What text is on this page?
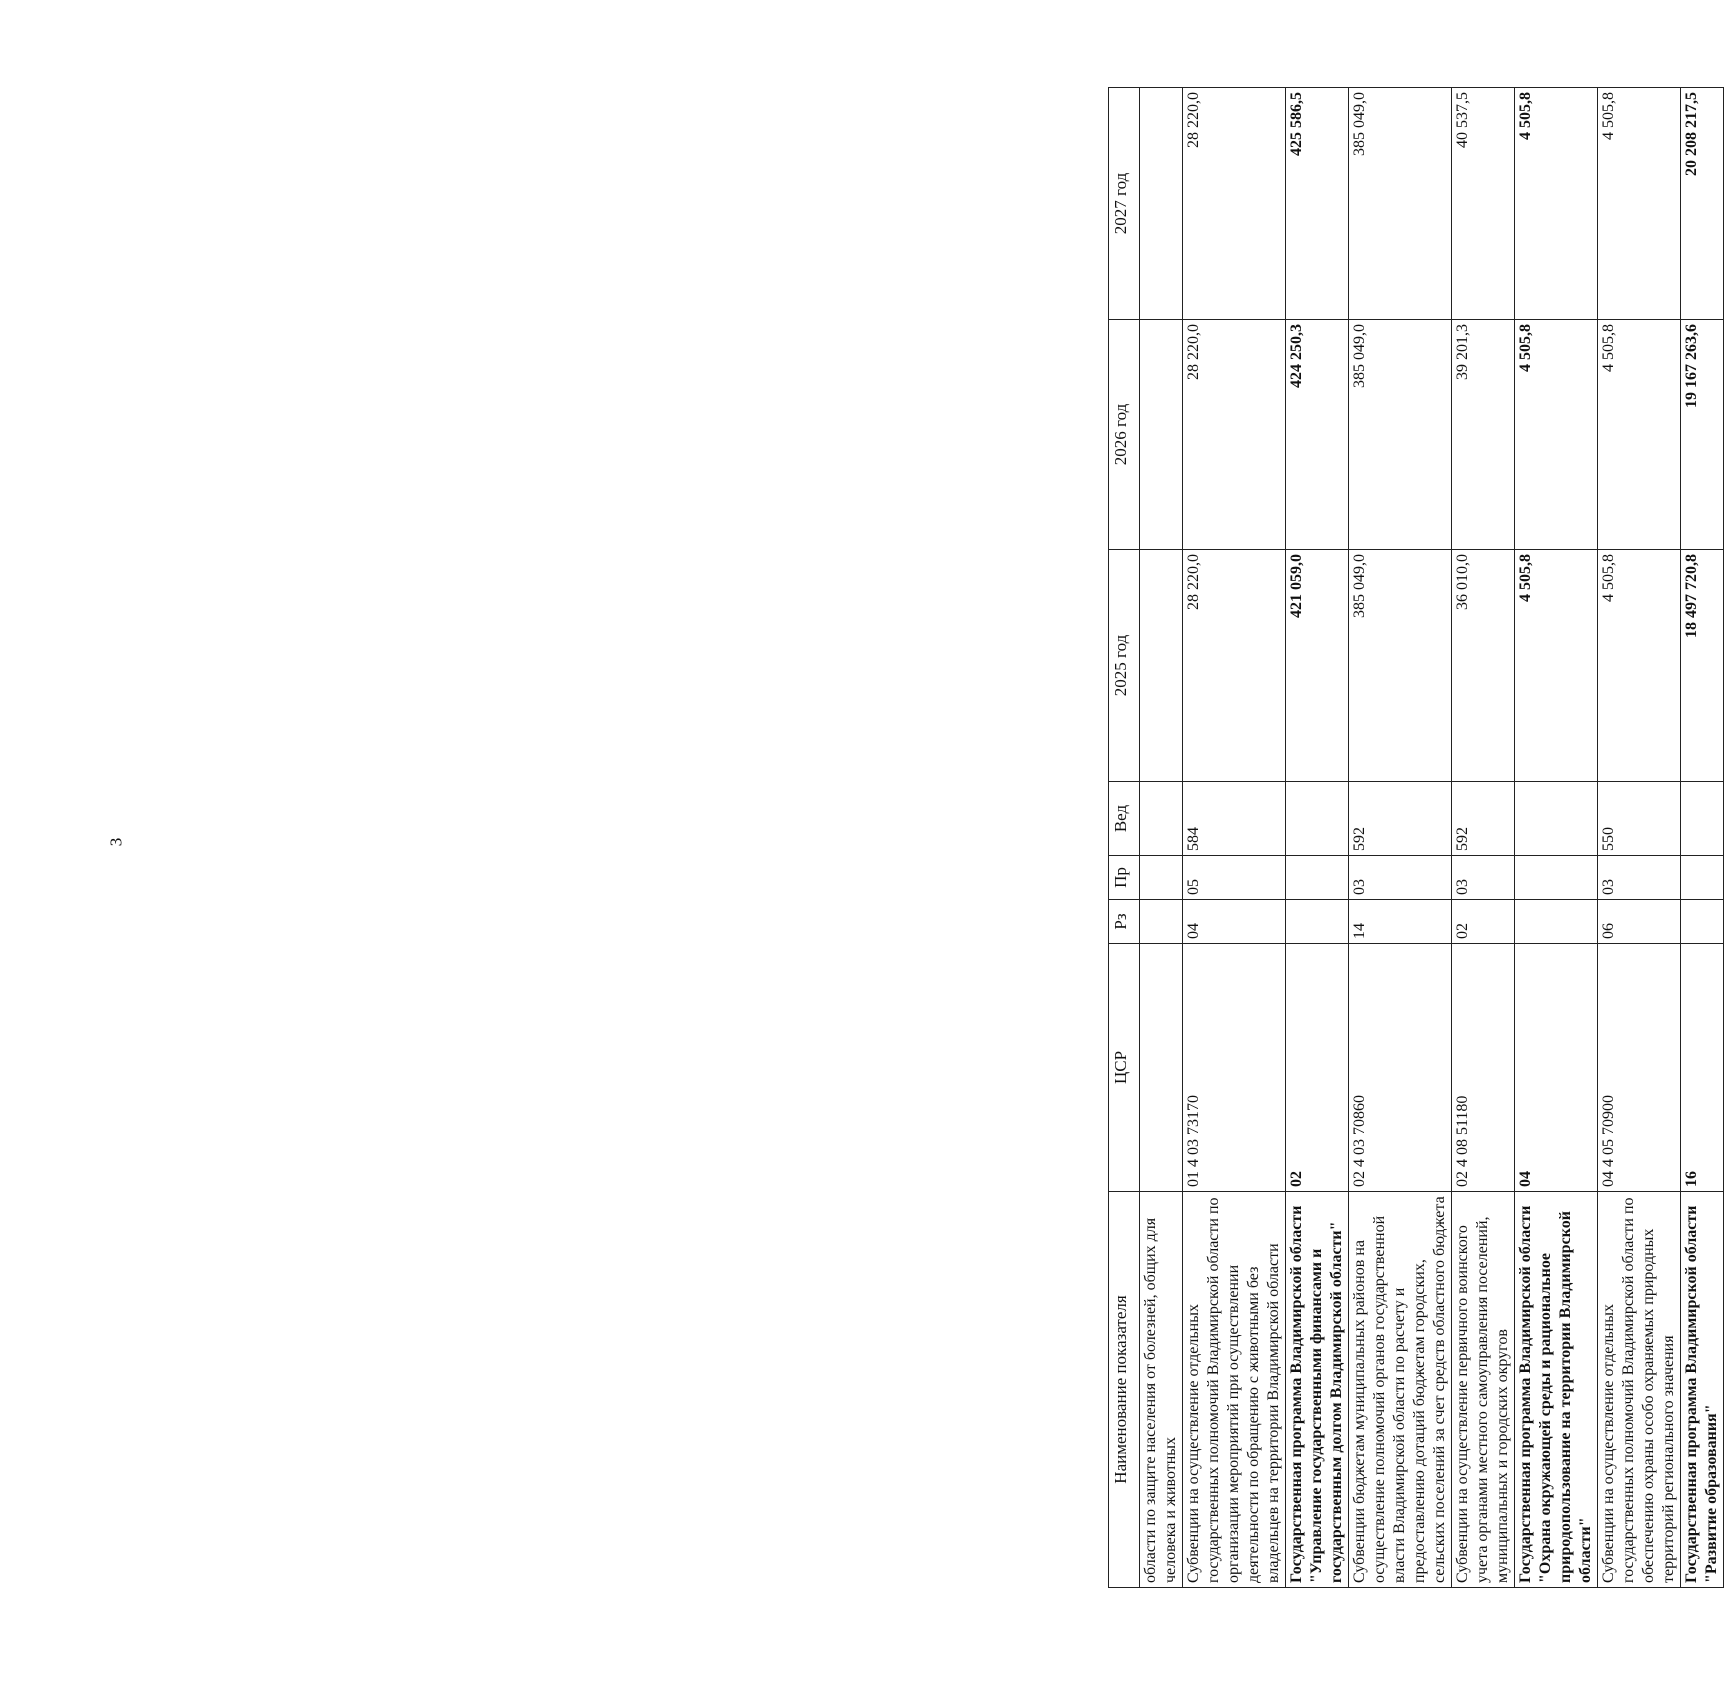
3
Наименование показателя	ЦСР	Рз	Пр	Вед	2025 год	2026 год	2027 год
области по защите населения от болезней, общих для человека и животных							
Субвенции на осуществление отдельных государственных полномочий Владимирской области по организации мероприятий при осуществлении деятельности по обращению с животными без владельцев на территории Владимирской области	01 4 03 73170	04	05	584	28 220,0	28 220,0	28 220,0
Государственная программа Владимирской области "Управление государственными финансами и государственным долгом Владимирской области"	02				421 059,0	424 250,3	425 586,5
Субвенции бюджетам муниципальных районов на осуществление полномочий органов государственной власти Владимирской области по расчету и предоставлению дотаций бюджетам городских, сельских поселений за счет средств областного бюджета	02 4 03 70860	14	03	592	385 049,0	385 049,0	385 049,0
Субвенции на осуществление первичного воинского учета органами местного самоуправления поселений, муниципальных и городских округов	02 4 08 51180	02	03	592	36 010,0	39 201,3	40 537,5
Государственная программа Владимирской области "Охрана окружающей среды и рациональное природопользование на территории Владимирской области"	04				4 505,8	4 505,8	4 505,8
Субвенции на осуществление отдельных государственных полномочий Владимирской области по обеспечению охраны особо охраняемых природных территорий регионального значения	04 4 05 70900	06	03	550	4 505,8	4 505,8	4 505,8
Государственная программа Владимирской области "Развитие образования"	16				18 497 720,8	19 167 263,6	20 208 217,5
